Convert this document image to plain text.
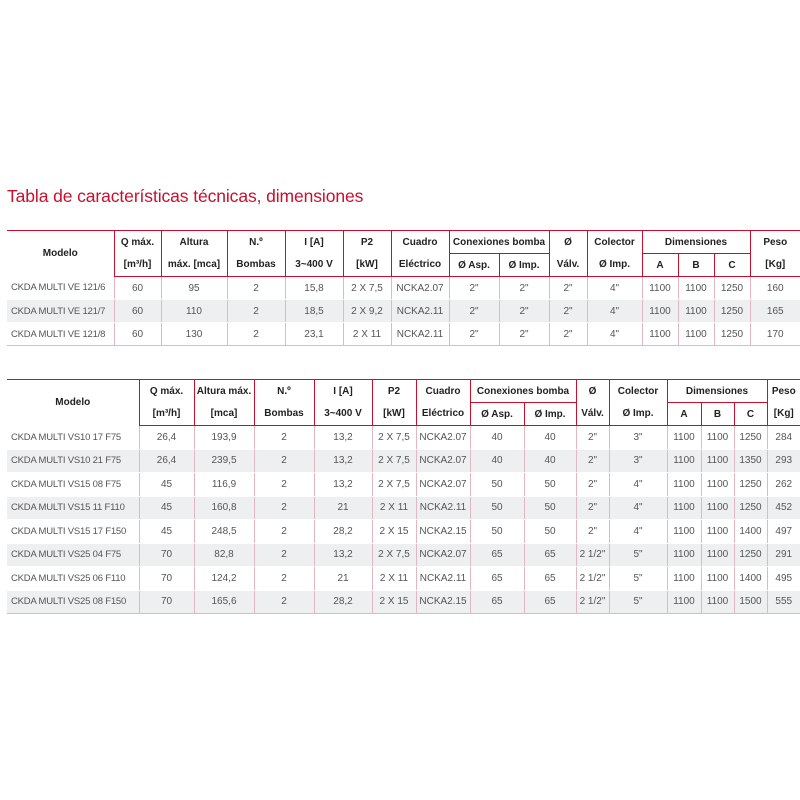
Tabla de características técnicas, dimensiones
Modelo	Q máx.	Altura	N.º	I [A]	P2	Cuadro	Conexiones bomba		Ø	Colector	Dimensiones			Peso
	[m³/h]	máx. [mca]	Bombas	3~400 V	[kW]	Eléctrico	Ø Asp.	Ø Imp.	Válv.	Ø Imp.	A	B	C	[Kg]
CKDA MULTI VE 121/6	60	95	2	15,8	2 X 7,5	NCKA2.07	2"	2"	2"	4"	1100	1100	1250	160
CKDA MULTI VE 121/7	60	110	2	18,5	2 X 9,2	NCKA2.11	2"	2"	2"	4"	1100	1100	1250	165
CKDA MULTI VE 121/8	60	130	2	23,1	2 X 11	NCKA2.11	2"	2"	2"	4"	1100	1100	1250	170
Modelo	Q máx.	Altura máx.	N.º	I [A]	P2	Cuadro	Conexiones bomba		Ø	Colector	Dimensiones			Peso
	[m³/h]	[mca]	Bombas	3~400 V	[kW]	Eléctrico	Ø Asp.	Ø Imp.	Válv.	Ø Imp.	A	B	C	[Kg]
CKDA MULTI VS10 17 F75	26,4	193,9	2	13,2	2 X 7,5	NCKA2.07	40	40	2"	3"	1100	1100	1250	284
CKDA MULTI VS10 21 F75	26,4	239,5	2	13,2	2 X 7,5	NCKA2.07	40	40	2"	3"	1100	1100	1350	293
CKDA MULTI VS15 08 F75	45	116,9	2	13,2	2 X 7,5	NCKA2.07	50	50	2"	4"	1100	1100	1250	262
CKDA MULTI VS15 11 F110	45	160,8	2	21	2 X 11	NCKA2.11	50	50	2"	4"	1100	1100	1250	452
CKDA MULTI VS15 17 F150	45	248,5	2	28,2	2 X 15	NCKA2.15	50	50	2"	4"	1100	1100	1400	497
CKDA MULTI VS25 04 F75	70	82,8	2	13,2	2 X 7,5	NCKA2.07	65	65	2 1/2"	5"	1100	1100	1250	291
CKDA MULTI VS25 06 F110	70	124,2	2	21	2 X 11	NCKA2.11	65	65	2 1/2"	5"	1100	1100	1400	495
CKDA MULTI VS25 08 F150	70	165,6	2	28,2	2 X 15	NCKA2.15	65	65	2 1/2"	5"	1100	1100	1500	555
